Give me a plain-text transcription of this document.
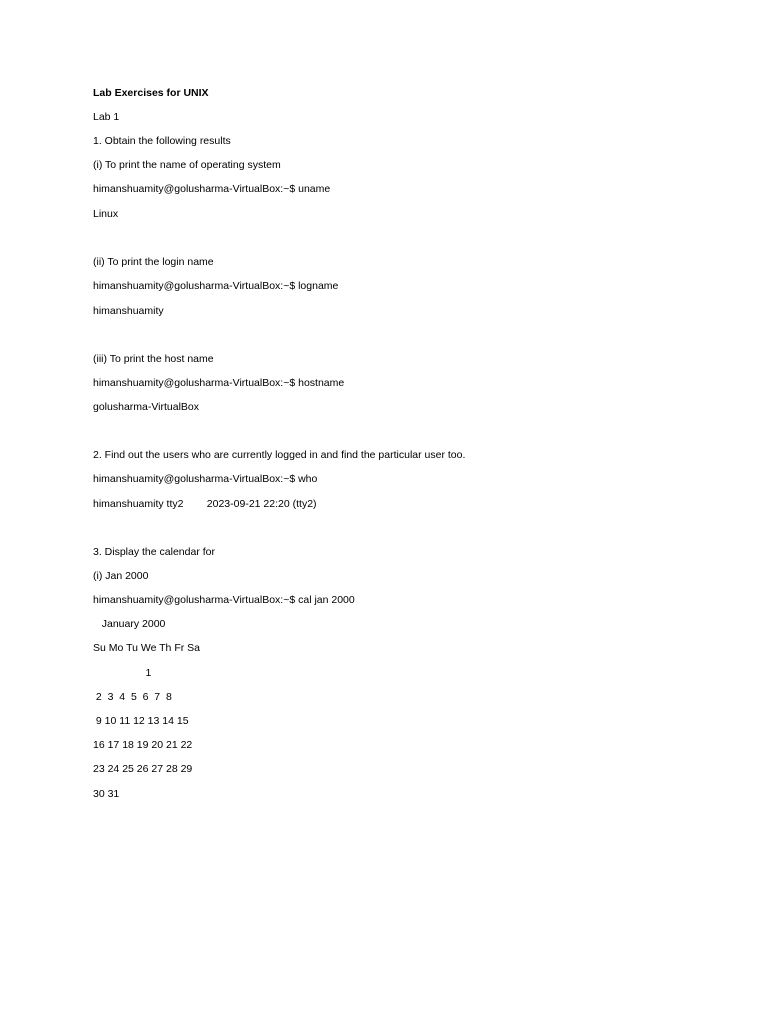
Lab Exercises for UNIX
Lab 1
1. Obtain the following results
(i) To print the name of operating system
himanshuamity@golusharma-VirtualBox:~$ uname
Linux
(ii) To print the login name
himanshuamity@golusharma-VirtualBox:~$ logname
himanshuamity
(iii) To print the host name
himanshuamity@golusharma-VirtualBox:~$ hostname
golusharma-VirtualBox
2. Find out the users who are currently logged in and find the particular user too.
himanshuamity@golusharma-VirtualBox:~$ who
himanshuamity tty2        2023-09-21 22:20 (tty2)
3. Display the calendar for
(i) Jan 2000
himanshuamity@golusharma-VirtualBox:~$ cal jan 2000
January 2000
Su Mo Tu We Th Fr Sa
1
2  3  4  5  6  7  8
9 10 11 12 13 14 15
16 17 18 19 20 21 22
23 24 25 26 27 28 29
30 31
